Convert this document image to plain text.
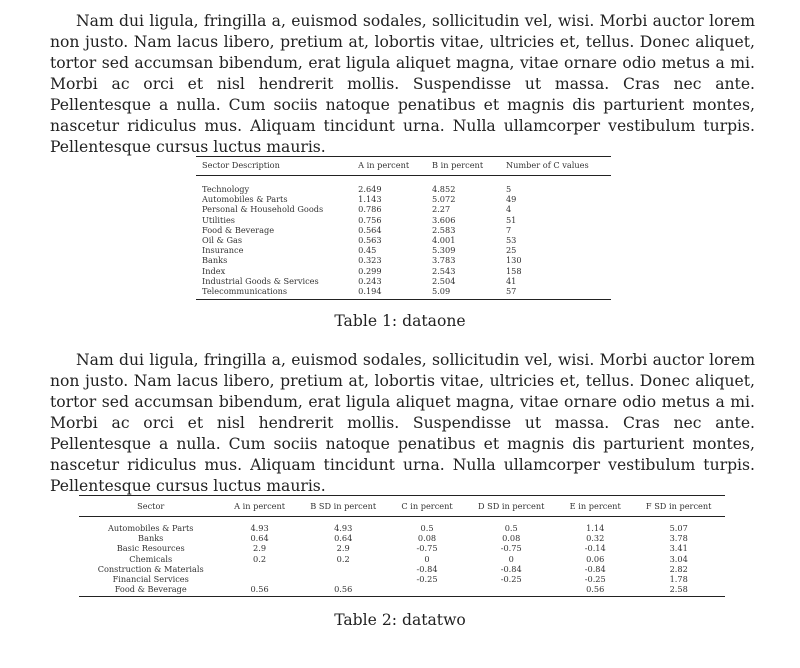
Nam dui ligula, fringilla a, euismod sodales, sollicitudin vel, wisi. Morbi auctor lorem non justo. Nam lacus libero, pretium at, lobortis vitae, ultricies et, tellus. Donec aliquet, tortor sed accumsan bibendum, erat ligula aliquet magna, vitae ornare odio metus a mi. Morbi ac orci et nisl hendrerit mollis. Suspendisse ut massa. Cras nec ante. Pellentesque a nulla. Cum sociis natoque penatibus et magnis dis parturient montes, nascetur ridiculus mus. Aliquam tincidunt urna. Nulla ullamcorper vestibulum turpis. Pellentesque cursus luctus mauris.

Sector Description	A in percent	B in percent	Number of C values
Technology	2.649	4.852	5
Automobiles & Parts	1.143	5.072	49
Personal & Household Goods	0.786	2.27	4
Utilities	0.756	3.606	51
Food & Beverage	0.564	2.583	7
Oil & Gas	0.563	4.001	53
Insurance	0.45	5.309	25
Banks	0.323	3.783	130
Index	0.299	2.543	158
Industrial Goods & Services	0.243	2.504	41
Telecommunications	0.194	5.09	57
Table 1: dataone

Nam dui ligula, fringilla a, euismod sodales, sollicitudin vel, wisi. Morbi auctor lorem non justo. Nam lacus libero, pretium at, lobortis vitae, ultricies et, tellus. Donec aliquet, tortor sed accumsan bibendum, erat ligula aliquet magna, vitae ornare odio metus a mi. Morbi ac orci et nisl hendrerit mollis. Suspendisse ut massa. Cras nec ante. Pellentesque a nulla. Cum sociis natoque penatibus et magnis dis parturient montes, nascetur ridiculus mus. Aliquam tincidunt urna. Nulla ullamcorper vestibulum turpis. Pellentesque cursus luctus mauris.

Sector	A in percent	B SD in percent	C in percent	D SD in percent	E in percent	F SD in percent
Automobiles & Parts	4.93	4.93	0.5	0.5	1.14	5.07
Banks	0.64	0.64	0.08	0.08	0.32	3.78
Basic Resources	2.9	2.9	-0.75	-0.75	-0.14	3.41
Chemicals	0.2	0.2	0	0	0.06	3.04
Construction & Materials			-0.84	-0.84	-0.84	2.82
Financial Services			-0.25	-0.25	-0.25	1.78
Food & Beverage	0.56	0.56			0.56	2.58
Table 2: datatwo
